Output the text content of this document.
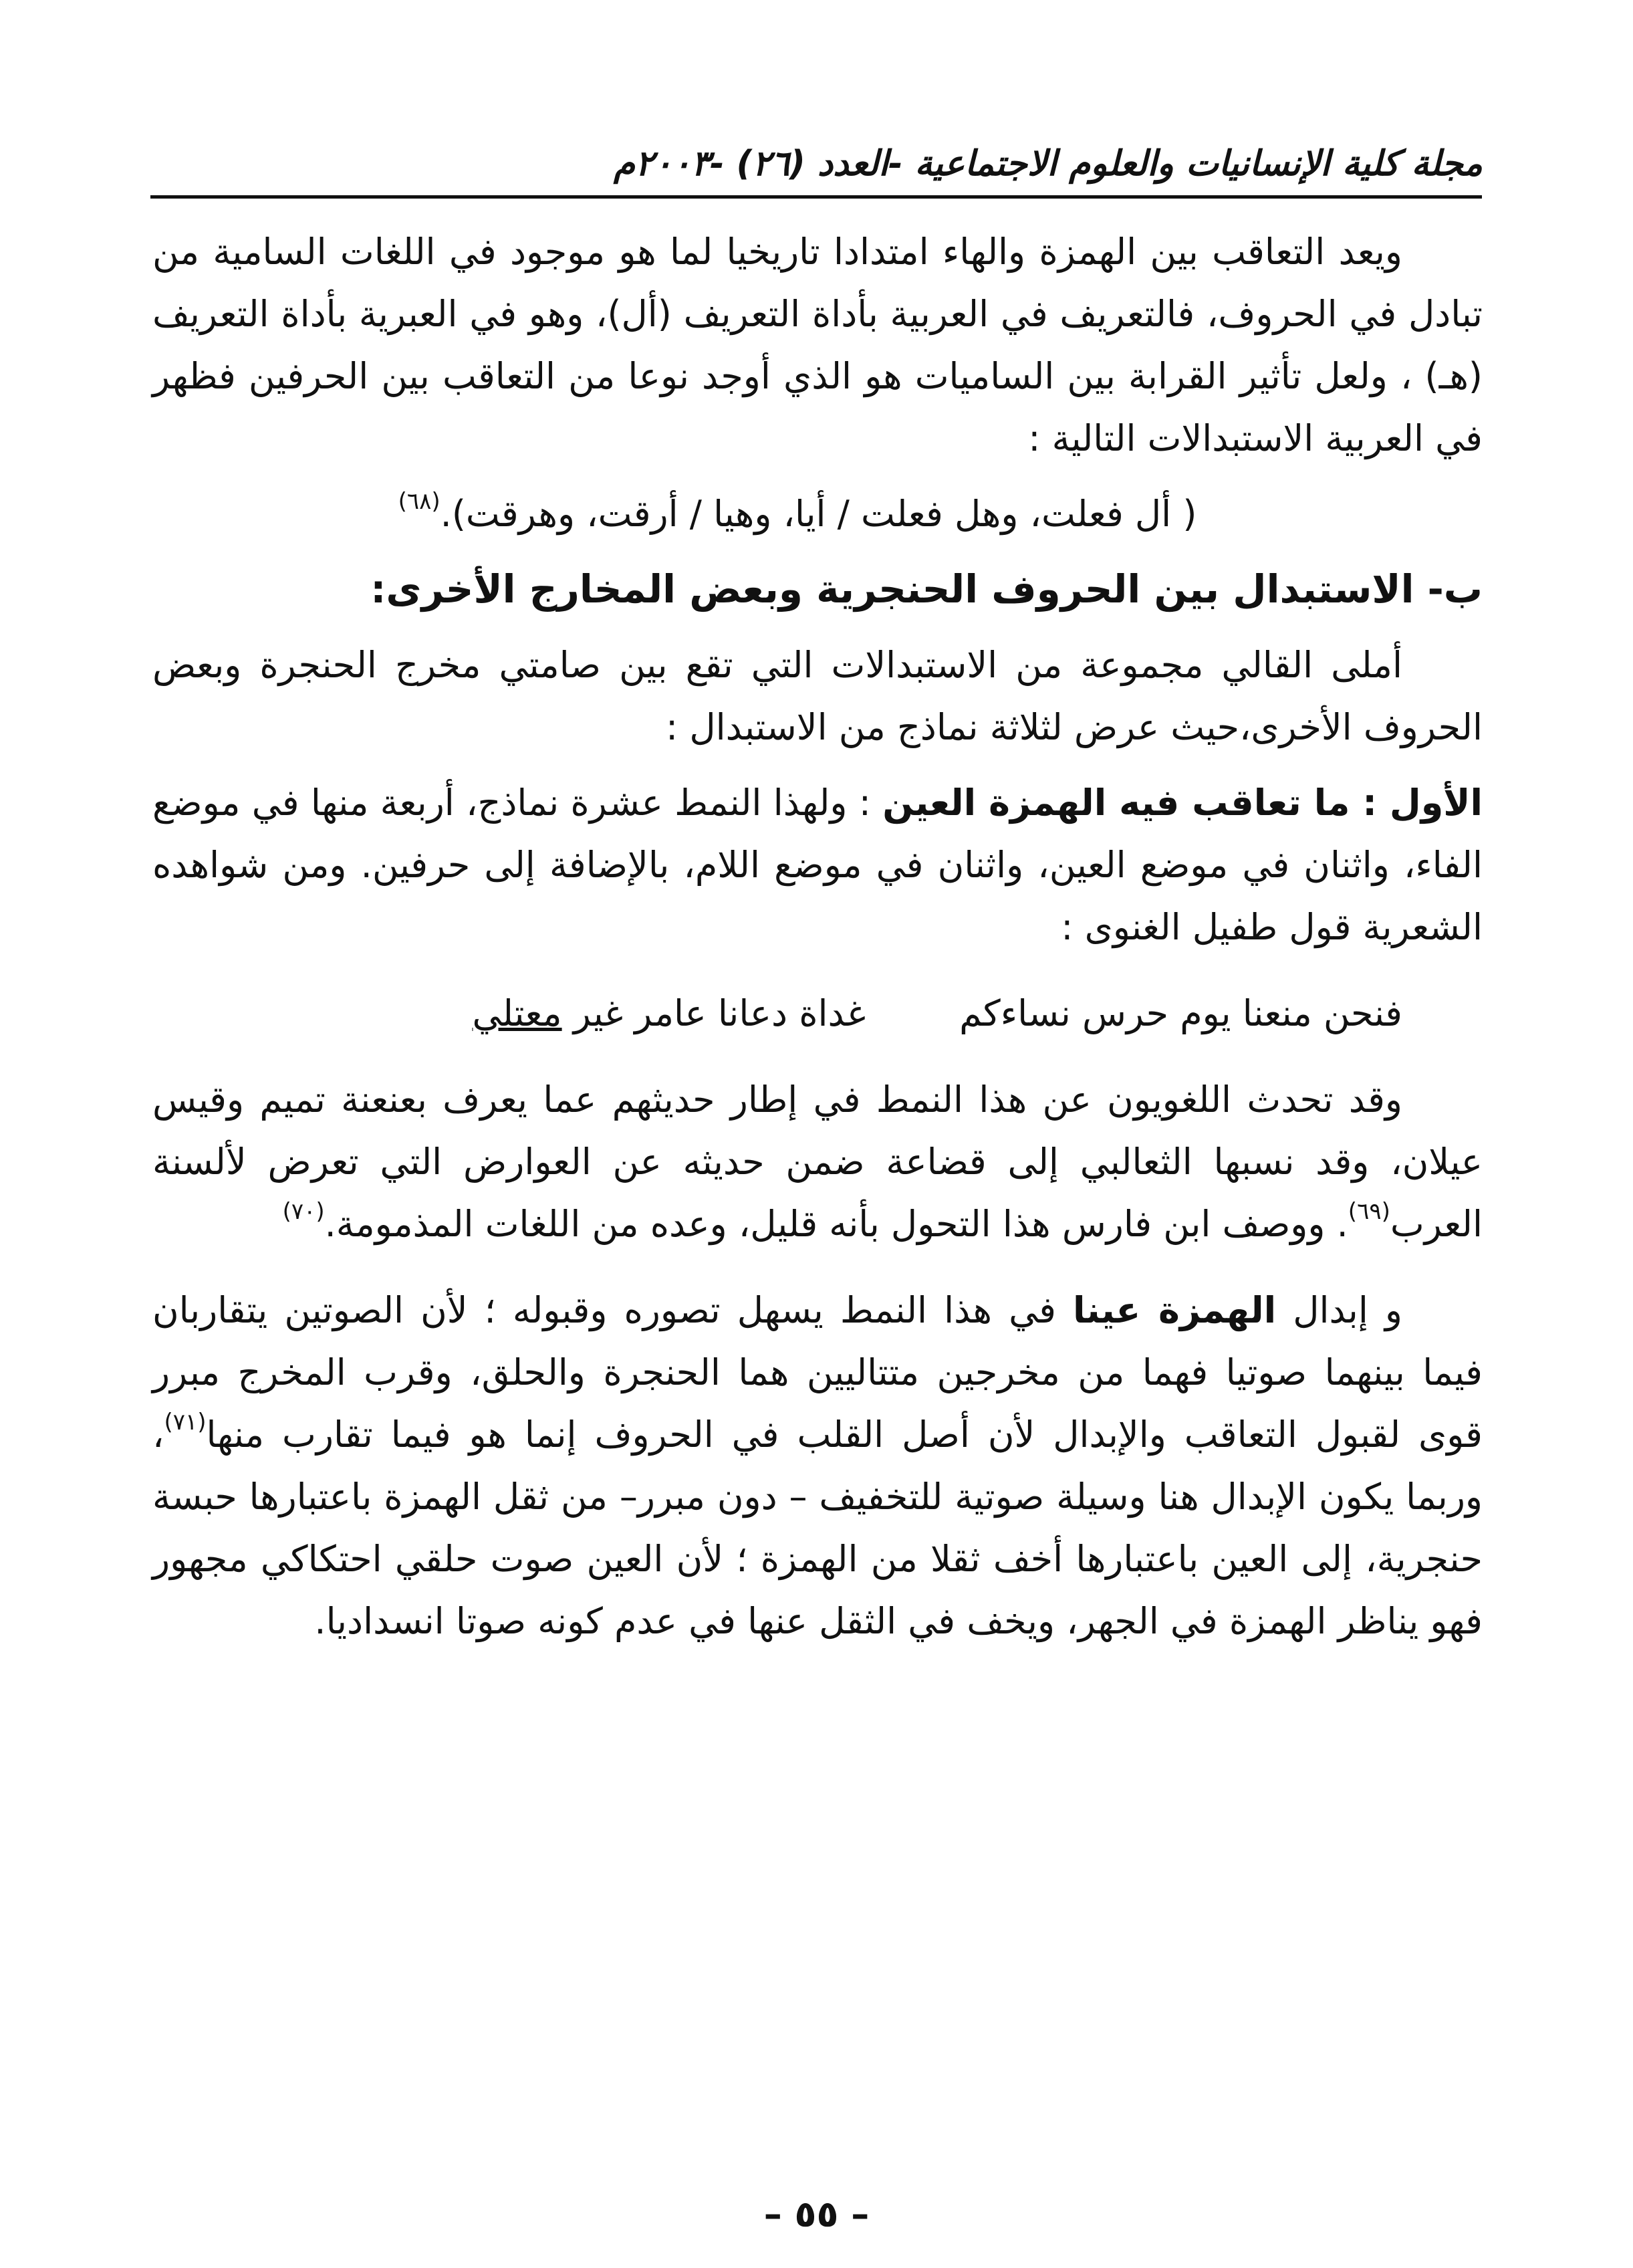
مجلة كلية الإنسانيات والعلوم الاجتماعية -العدد (٢٦) -٢٠٠٣م

ويعد التعاقب بين الهمزة والهاء امتدادا تاريخيا لما هو موجود في اللغات السامية من تبادل في الحروف، فالتعريف في العربية بأداة التعريف (أل)، وهو في العبرية بأداة التعريف (هـ) ، ولعل تأثير القرابة بين الساميات هو الذي أوجد نوعا من التعاقب بين الحرفين فظهر في العربية الاستبدالات التالية :

( أل فعلت، وهل فعلت / أيا، وهيا / أرقت، وهرقت).$^{(٦٨)}$

ب- الاستبدال بين الحروف الحنجرية وبعض المخارج الأخرى:

أملى القالي مجموعة من الاستبدالات التي تقع بين صامتي مخرج الحنجرة وبعض الحروف الأخرى،حيث عرض لثلاثة نماذج من الاستبدال :

الأول : ما تعاقب فيه الهمزة العين : ولهذا النمط عشرة نماذج، أربعة منها في موضع الفاء، واثنان في موضع العين، واثنان في موضع اللام، بالإضافة إلى حرفين. ومن شواهده الشعرية قول طفيل الغنوى :

فنحن منعنا يوم حرس نساءكم
غداة دعانا عامر غير معتلي

وقد تحدث اللغويون عن هذا النمط في إطار حديثهم عما يعرف بعنعنة تميم وقيس عيلان، وقد نسبها الثعالبي إلى قضاعة ضمن حديثه عن العوارض التي تعرض لألسنة العرب$^{(٦٩)}$. ووصف ابن فارس هذا التحول بأنه قليل، وعده من اللغات المذمومة.$^{(٧٠)}$

و إبدال الهمزة عينا في هذا النمط يسهل تصوره وقبوله ؛ لأن الصوتين يتقاربان فيما بينهما صوتيا فهما من مخرجين متتاليين هما الحنجرة والحلق، وقرب المخرج مبرر قوى لقبول التعاقب والإبدال لأن أصل القلب في الحروف إنما هو فيما تقارب منها$^{(٧١)}$، وربما يكون الإبدال هنا وسيلة صوتية للتخفيف – دون مبرر– من ثقل الهمزة باعتبارها حبسة حنجرية، إلى العين باعتبارها أخف ثقلا من الهمزة ؛ لأن العين صوت حلقي احتكاكي مجهور فهو يناظر الهمزة في الجهر، ويخف في الثقل عنها في عدم كونه صوتا انسداديا.

– ٥٥ –
